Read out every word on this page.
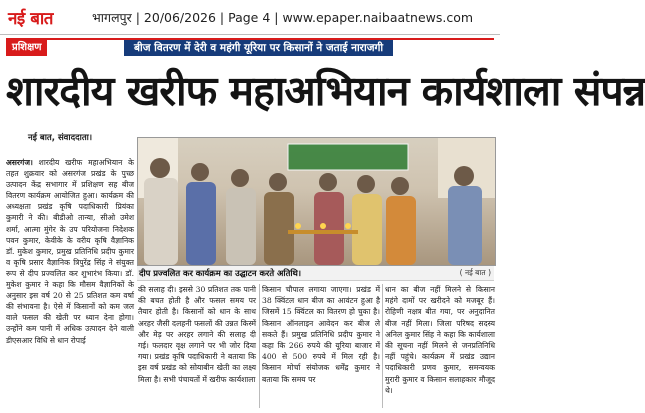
नई बात	भागलपुर | 20/06/2026 | Page 4 | www.epaper.naibaatnews.com
प्रशिक्षण	बीज वितरण में देरी व महंगी यूरिया पर किसानों ने जताई नाराजगी
शारदीय खरीफ महाअभियान कार्यशाला संपन्न
नई बात, संवाददाता।
असरगंज। शारदीय खरीफ महाअभियान के तहत शुक्रवार को असरगंज प्रखंड के पुच्छ उत्पादन केंद्र सभागार में प्रशिक्षण सह बीज वितरण कार्यक्रम आयोजित हुआ। कार्यक्रम की अध्यक्षता प्रखंड कृषि पदाधिकारी प्रियंका कुमारी ने की। बीडीओ तान्या, सीओ उमेश शर्मा, आत्मा मुंगेर के उप परियोजना निदेशक पवन कुमार, केवीके के वरीय कृषि वैज्ञानिक डॉ. मुकेश कुमार, प्रमुख प्रतिनिधि प्रदीप कुमार व कृषि प्रसार वैज्ञानिक त्रिपुरेंद्र सिंह ने संयुक्त रूप से दीप प्रज्वलित कर शुभारंभ किया। डॉ. मुकेश कुमार ने कहा कि मौसम वैज्ञानिकों के अनुसार इस वर्ष 20 से 25 प्रतिशत कम वर्षा की संभावना है। ऐसे में किसानों को कम जल वाले फसल की खेती पर ध्यान देना होगा। उन्होंने कम पानी में अधिक उत्पादन देने वाली डीएसआर विधि से धान रोपाई
दीप प्रज्वलित कर कार्यक्रम का उद्घाटन करते अतिथि।	( नई बात )
की सलाह दी। इससे 30 प्रतिशत तक पानी की बचत होती है और फसल समय पर तैयार होती है। किसानों को धान के साथ अरहर जैसी दलहनी फसलों की उन्नत किस्में और मेड़ पर अरहर लगाने की सलाह दी गई। फलदार वृक्ष लगाने पर भी जोर दिया गया। प्रखंड कृषि पदाधिकारी ने बताया कि इस वर्ष प्रखंड को सोयाबीन खेती का लक्ष्य मिला है। सभी पंचायतों में खरीफ कार्यशाला
किसान चौपाल लगाया जाएगा। प्रखंड में 38 क्विंटल धान बीज का आवंटन हुआ है जिसमें 15 क्विंटल का वितरण हो चुका है। किसान ऑनलाइन आवेदन कर बीज ले सकते हैं। प्रमुख प्रतिनिधि प्रदीप कुमार ने कहा कि 266 रुपये की यूरिया बाजार में 400 से 500 रुपये में मिल रही है। किसान मोर्चा संयोजक धर्मेंद्र कुमार ने बताया कि समय पर
धान का बीज नहीं मिलने से किसान महंगे दामों पर खरीदने को मजबूर हैं। रोहिणी नक्षत्र बीत गया, पर अनुदानित बीज नहीं मिला। जिला परिषद सदस्य अनिल कुमार सिंह ने कहा कि कार्यशाला की सूचना नहीं मिलने से जनप्रतिनिधि नहीं पहुंचे। कार्यक्रम में प्रखंड उद्यान पदाधिकारी प्रणव कुमार, समन्वयक मुरारी कुमार व किसान सलाहकार मौजूद थे।
